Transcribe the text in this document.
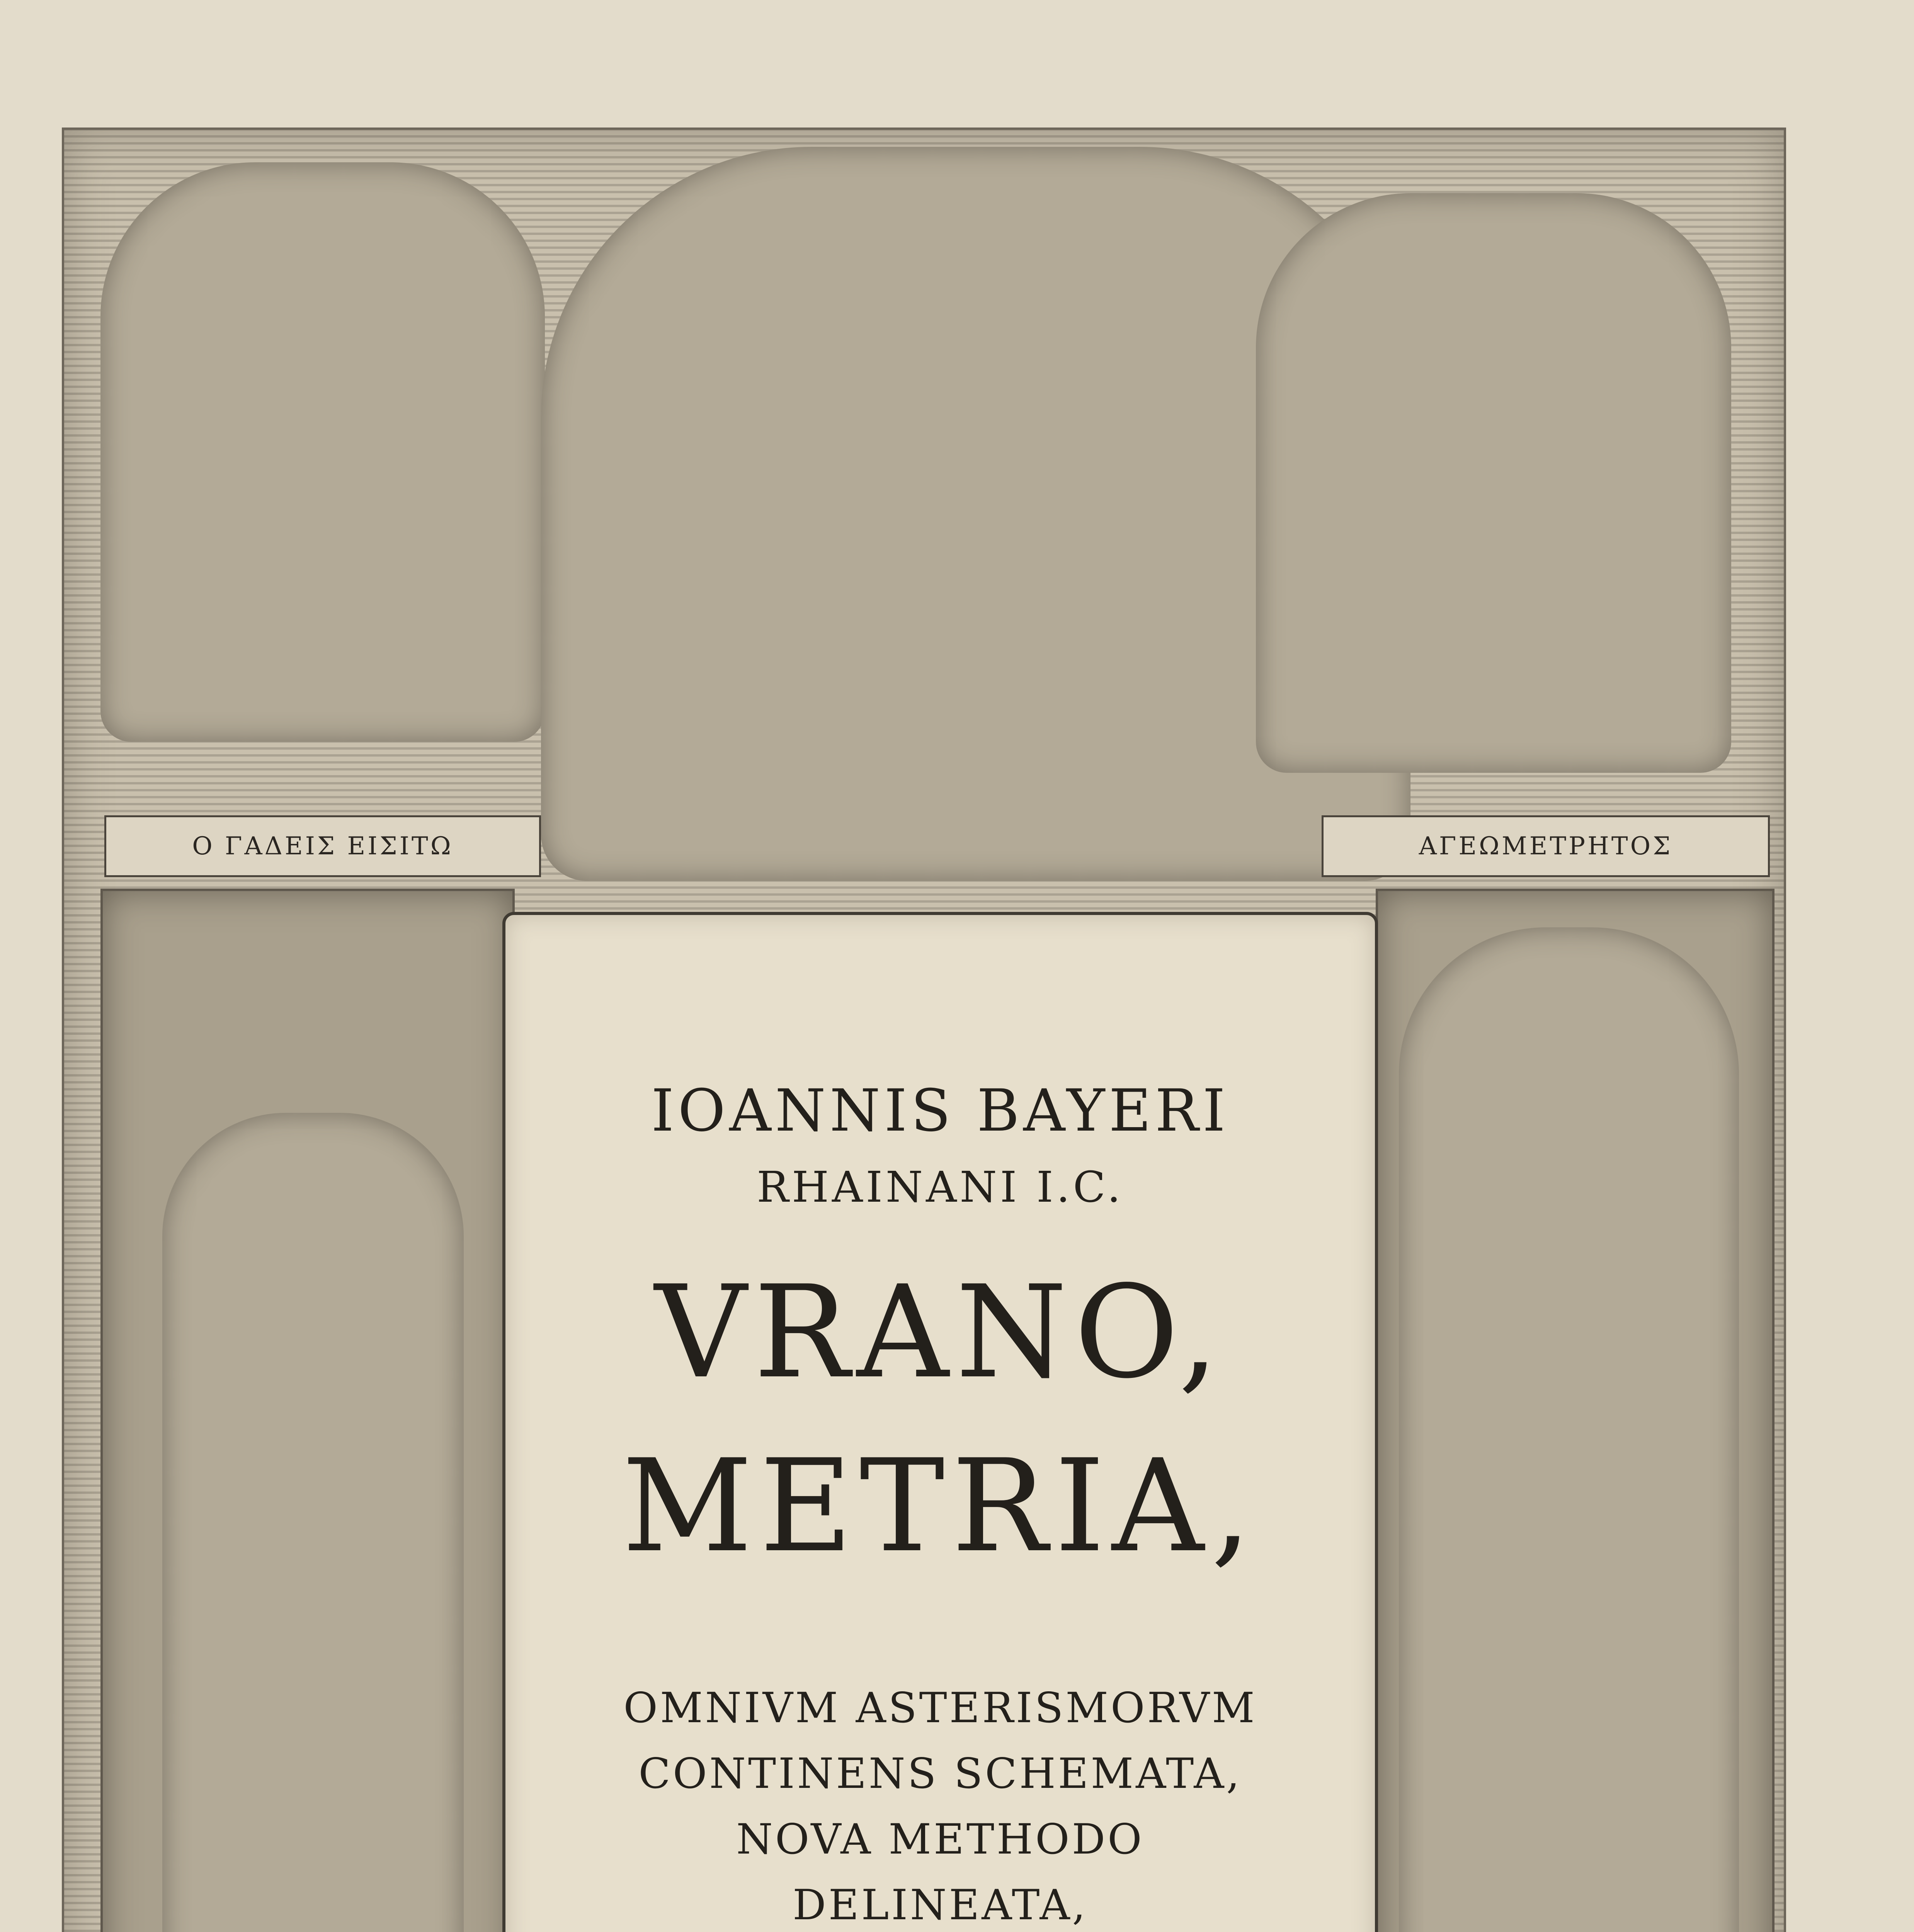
Ο ΓΑΔΕΙΣ ΕΙΣΙΤΩ	ΑΓΕΩΜΕΤΡΗΤΟΣ
IOANNIS BAYERI
RHAINANI I.C.
VRANO,
METRIA,
OMNIVM ASTERISMORVM
CONTINENS SCHEMATA,
NOVA METHODO
DELINEATA,
